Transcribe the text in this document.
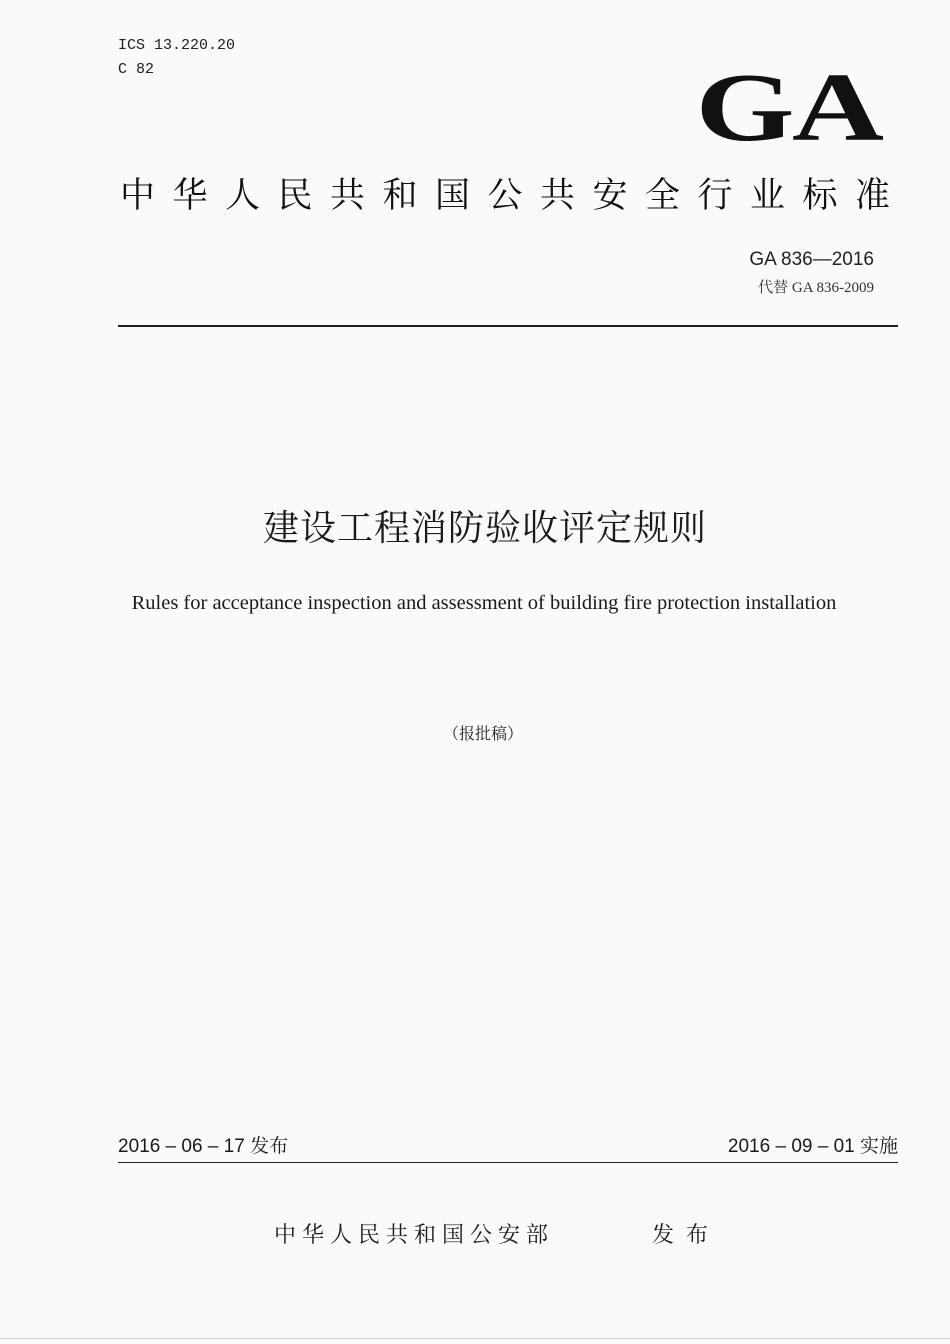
ICS 13.220.20
C 82	GA
中华人民共和国公共安全行业标准
GA 836—2016
代替 GA 836-2009
建设工程消防验收评定规则
Rules for acceptance inspection and assessment of building fire protection installation
（报批稿）
2016 – 06 – 17 发布	2016 – 09 – 01 实施
中华人民共和国公安部	发布
